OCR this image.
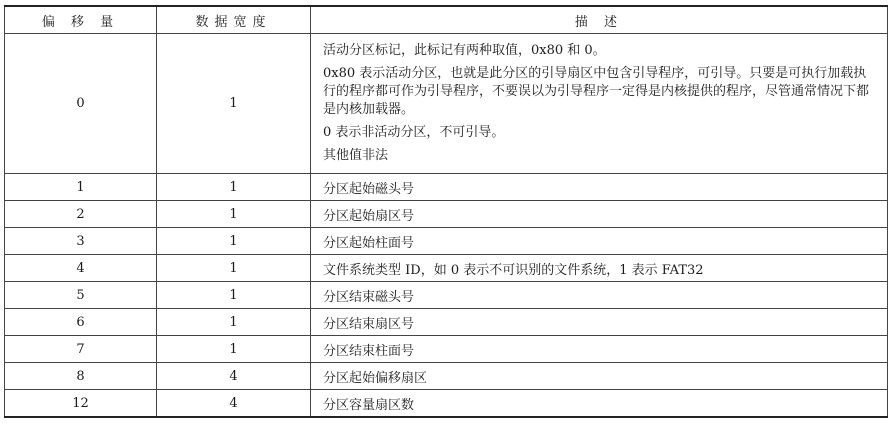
偏 移 量	数据宽度	描 述
0	1	活动分区标记，此标记有两种取值，0x80 和 0。
0x80 表示活动分区，也就是此分区的引导扇区中包含引导程序，可引导。只要是可执行加载执行的程序都可作为引导程序，不要误以为引导程序一定得是内核提供的程序，尽管通常情况下都是内核加载器。
0 表示非活动分区，不可引导。
其他值非法

1	1	分区起始磁头号
2	1	分区起始扇区号
3	1	分区起始柱面号
4	1	文件系统类型 ID，如 0 表示不可识别的文件系统，1 表示 FAT32
5	1	分区结束磁头号
6	1	分区结束扇区号
7	1	分区结束柱面号
8	4	分区起始偏移扇区
12	4	分区容量扇区数
